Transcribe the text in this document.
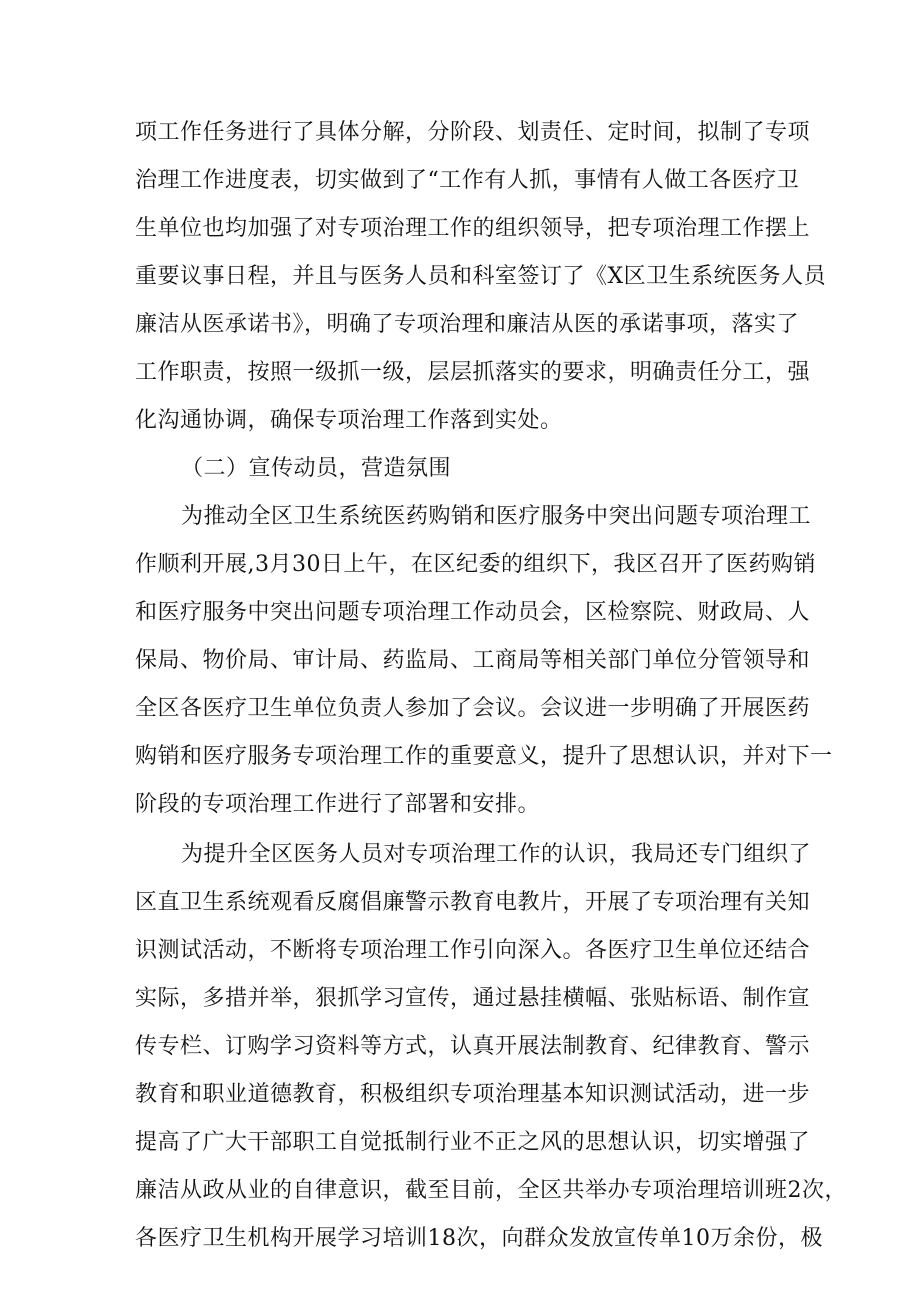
项工作任务进行了具体分解，分阶段、划责任、定时间，拟制了专项
治理工作进度表，切实做到了“工作有人抓，事情有人做工各医疗卫
生单位也均加强了对专项治理工作的组织领导，把专项治理工作摆上
重要议事日程，并且与医务人员和科室签订了《X区卫生系统医务人员
廉洁从医承诺书》，明确了专项治理和廉洁从医的承诺事项，落实了
工作职责，按照一级抓一级，层层抓落实的要求，明确责任分工，强
化沟通协调，确保专项治理工作落到实处。
（二）宣传动员，营造氛围
为推动全区卫生系统医药购销和医疗服务中突出问题专项治理工
作顺利开展,3月30日上午，在区纪委的组织下，我区召开了医药购销
和医疗服务中突出问题专项治理工作动员会，区检察院、财政局、人
保局、物价局、审计局、药监局、工商局等相关部门单位分管领导和
全区各医疗卫生单位负责人参加了会议。会议进一步明确了开展医药
购销和医疗服务专项治理工作的重要意义，提升了思想认识，并对下一
阶段的专项治理工作进行了部署和安排。
为提升全区医务人员对专项治理工作的认识，我局还专门组织了
区直卫生系统观看反腐倡廉警示教育电教片，开展了专项治理有关知
识测试活动，不断将专项治理工作引向深入。各医疗卫生单位还结合
实际，多措并举，狠抓学习宣传，通过悬挂横幅、张贴标语、制作宣
传专栏、订购学习资料等方式，认真开展法制教育、纪律教育、警示
教育和职业道德教育，积极组织专项治理基本知识测试活动，进一步
提高了广大干部职工自觉抵制行业不正之风的思想认识，切实增强了
廉洁从政从业的自律意识，截至目前，全区共举办专项治理培训班2次，
各医疗卫生机构开展学习培训18次，向群众发放宣传单10万余份，极
